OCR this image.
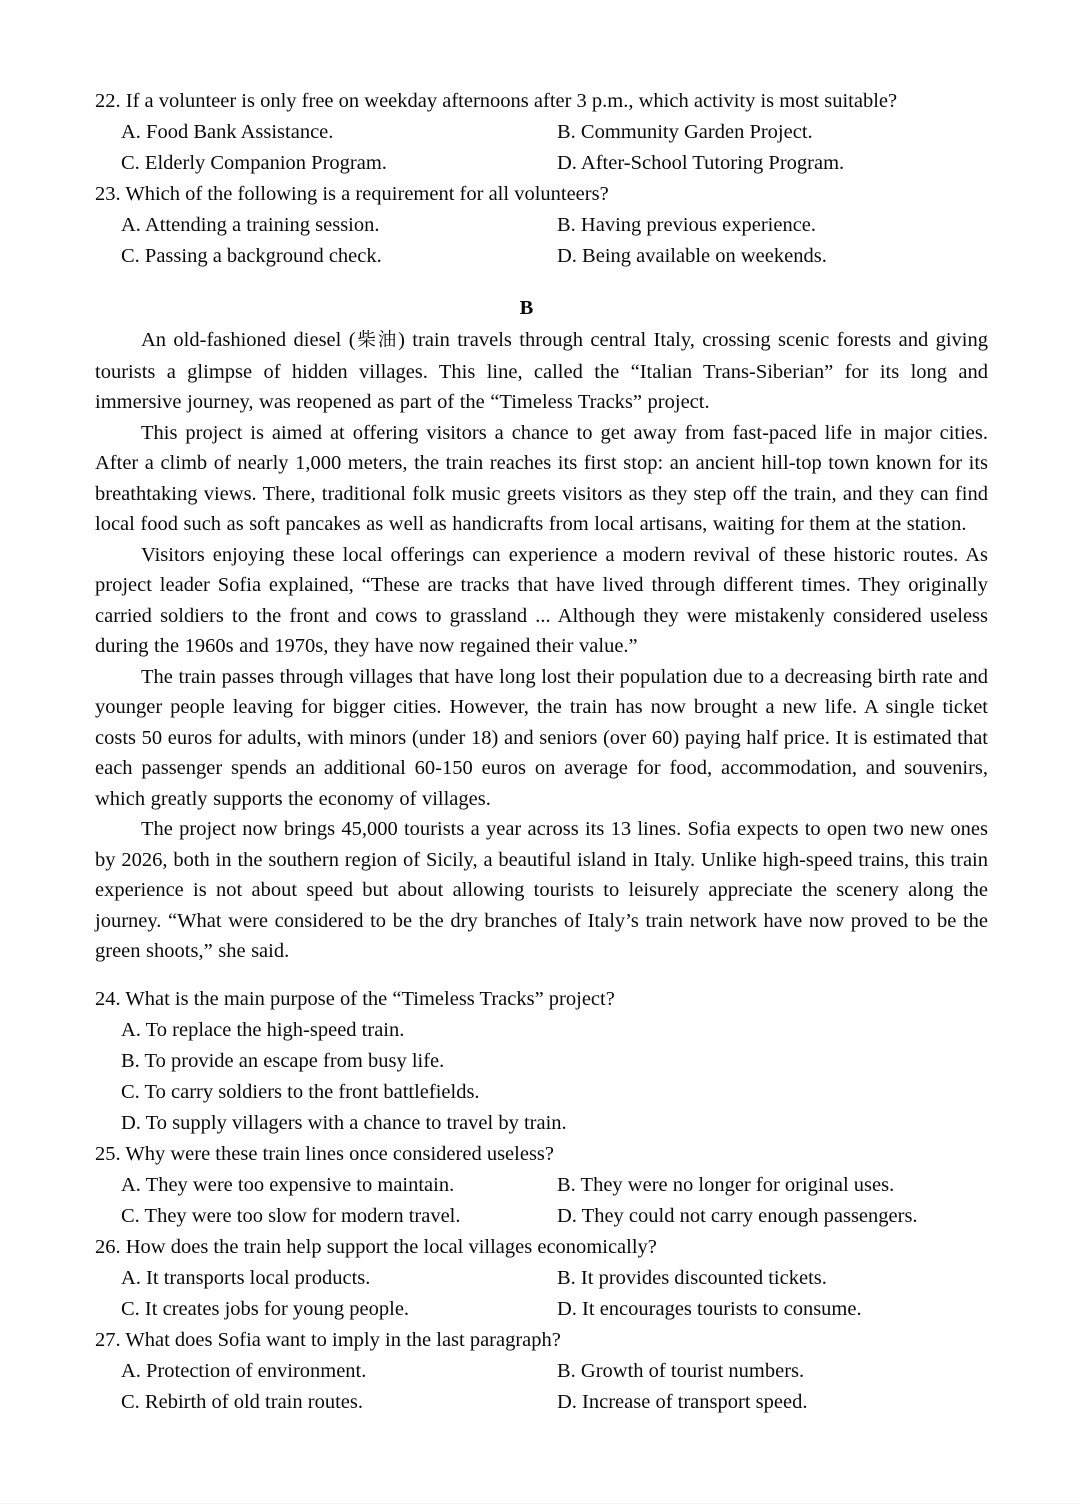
22. If a volunteer is only free on weekday afternoons after 3 p.m., which activity is most suitable?
A. Food Bank Assistance.	B. Community Garden Project.
C. Elderly Companion Program.	D. After-School Tutoring Program.
23. Which of the following is a requirement for all volunteers?
A. Attending a training session.	B. Having previous experience.
C. Passing a background check.	D. Being available on weekends.
B

An old-fashioned diesel (柴油) train travels through central Italy, crossing scenic forests and giving tourists a glimpse of hidden villages. This line, called the “Italian Trans-Siberian” for its long and immersive journey, was reopened as part of the “Timeless Tracks” project.

This project is aimed at offering visitors a chance to get away from fast-paced life in major cities. After a climb of nearly 1,000 meters, the train reaches its first stop: an ancient hill-top town known for its breathtaking views. There, traditional folk music greets visitors as they step off the train, and they can find local food such as soft pancakes as well as handicrafts from local artisans, waiting for them at the station.

Visitors enjoying these local offerings can experience a modern revival of these historic routes. As project leader Sofia explained, “These are tracks that have lived through different times. They originally carried soldiers to the front and cows to grassland ... Although they were mistakenly considered useless during the 1960s and 1970s, they have now regained their value.”

The train passes through villages that have long lost their population due to a decreasing birth rate and younger people leaving for bigger cities. However, the train has now brought a new life. A single ticket costs 50 euros for adults, with minors (under 18) and seniors (over 60) paying half price. It is estimated that each passenger spends an additional 60-150 euros on average for food, accommodation, and souvenirs, which greatly supports the economy of villages.

The project now brings 45,000 tourists a year across its 13 lines. Sofia expects to open two new ones by 2026, both in the southern region of Sicily, a beautiful island in Italy. Unlike high-speed trains, this train experience is not about speed but about allowing tourists to leisurely appreciate the scenery along the journey. “What were considered to be the dry branches of Italy’s train network have now proved to be the green shoots,” she said.

24. What is the main purpose of the “Timeless Tracks” project?
A. To replace the high-speed train.
B. To provide an escape from busy life.
C. To carry soldiers to the front battlefields.
D. To supply villagers with a chance to travel by train.
25. Why were these train lines once considered useless?
A. They were too expensive to maintain.	B. They were no longer for original uses.
C. They were too slow for modern travel.	D. They could not carry enough passengers.
26. How does the train help support the local villages economically?
A. It transports local products.	B. It provides discounted tickets.
C. It creates jobs for young people.	D. It encourages tourists to consume.
27. What does Sofia want to imply in the last paragraph?
A. Protection of environment.	B. Growth of tourist numbers.
C. Rebirth of old train routes.	D. Increase of transport speed.
